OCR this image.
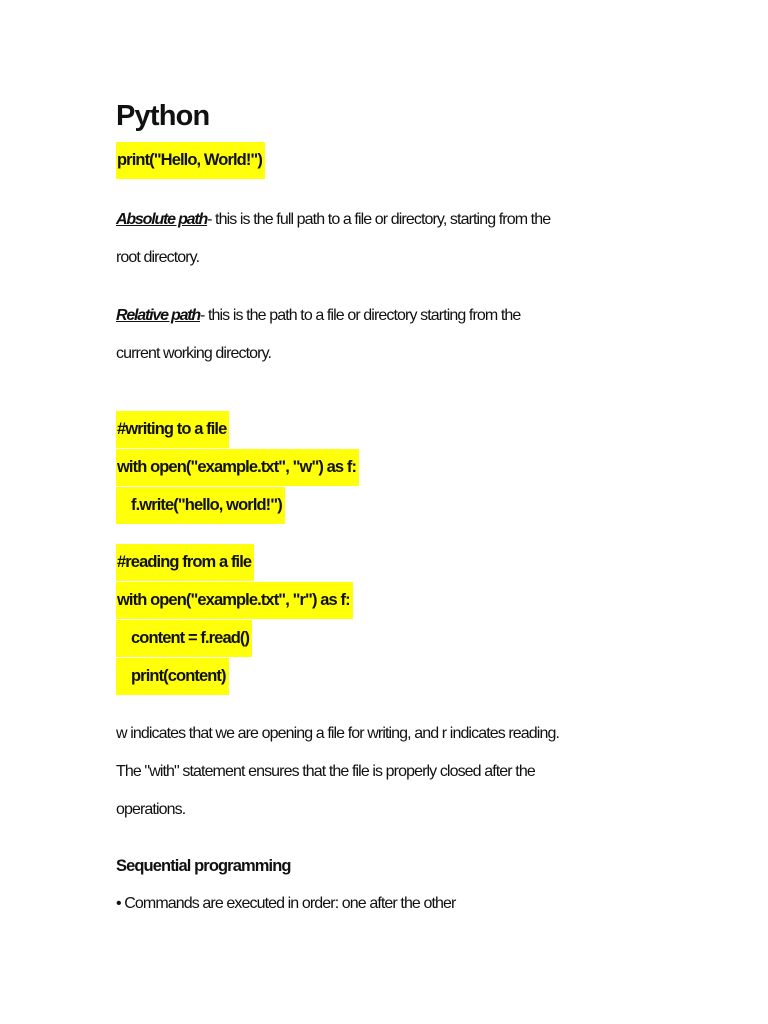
Python
print("Hello, World!")
Absolute path- this is the full path to a file or directory, starting from the
root directory.
Relative path- this is the path to a file or directory starting from the
current working directory.
#writing to a file
with open("example.txt", "w") as f:
f.write("hello, world!")
#reading from a file
with open("example.txt", "r") as f:
content = f.read()
print(content)
w indicates that we are opening a file for writing, and r indicates reading.
The "with" statement ensures that the file is properly closed after the
operations.
Sequential programming
• Commands are executed in order: one after the other
